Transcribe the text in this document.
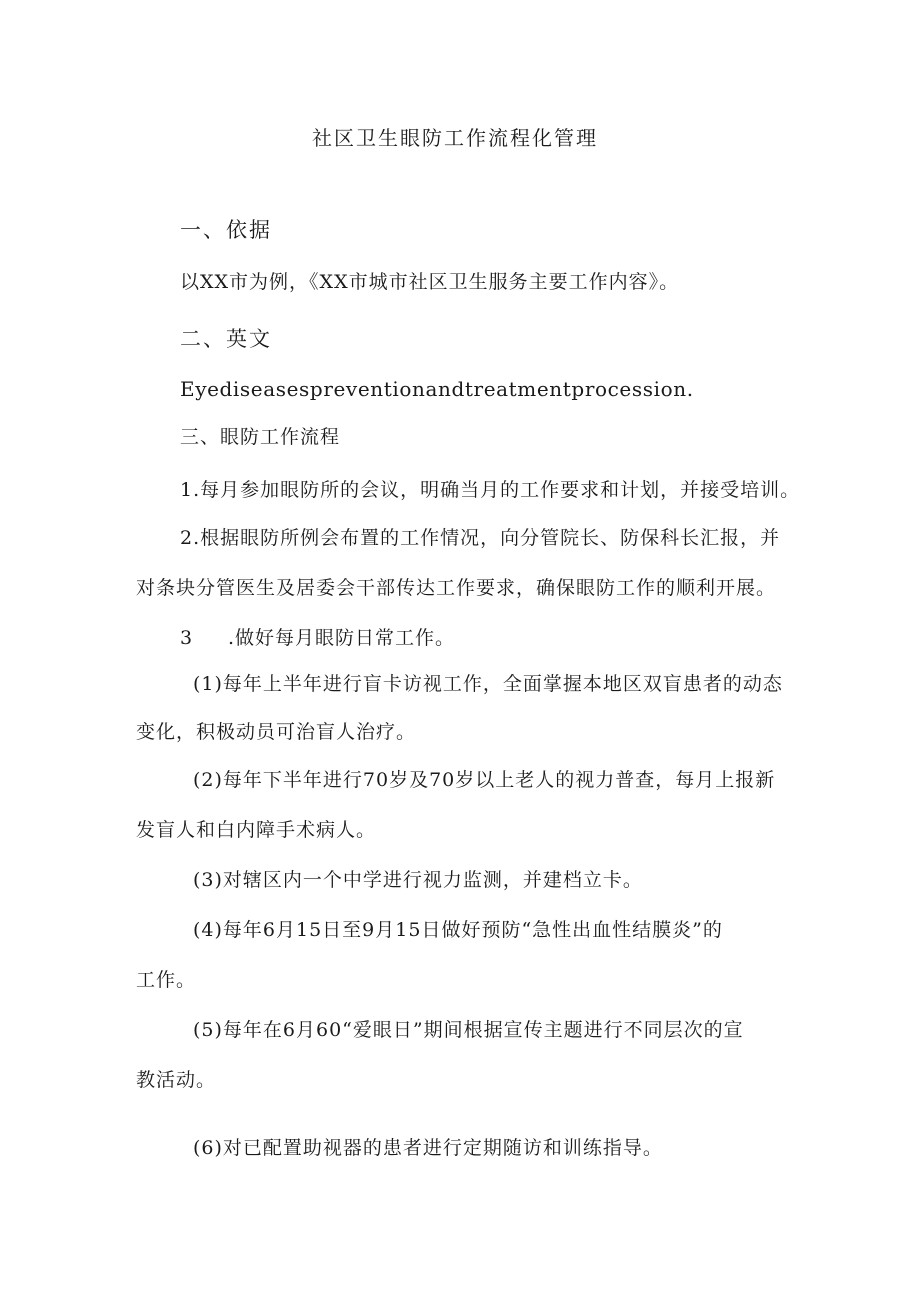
社区卫生眼防工作流程化管理
一、依据
以XX市为例，《XX市城市社区卫生服务主要工作内容》。
二、英文
Eyediseasespreventionandtreatmentprocession.
三、眼防工作流程
1.每月参加眼防所的会议，明确当月的工作要求和计划，并接受培训。
2.根据眼防所例会布置的工作情况，向分管院长、防保科长汇报，并
对条块分管医生及居委会干部传达工作要求，确保眼防工作的顺利开展。
3 .做好每月眼防日常工作。
(1)每年上半年进行盲卡访视工作，全面掌握本地区双盲患者的动态
变化，积极动员可治盲人治疗。
(2)每年下半年进行70岁及70岁以上老人的视力普查，每月上报新
发盲人和白内障手术病人。
(3)对辖区内一个中学进行视力监测，并建档立卡。
(4)每年6月15日至9月15日做好预防“急性出血性结膜炎”的
工作。
(5)每年在6月60“爱眼日”期间根据宣传主题进行不同层次的宣
教活动。
(6)对已配置助视器的患者进行定期随访和训练指导。
